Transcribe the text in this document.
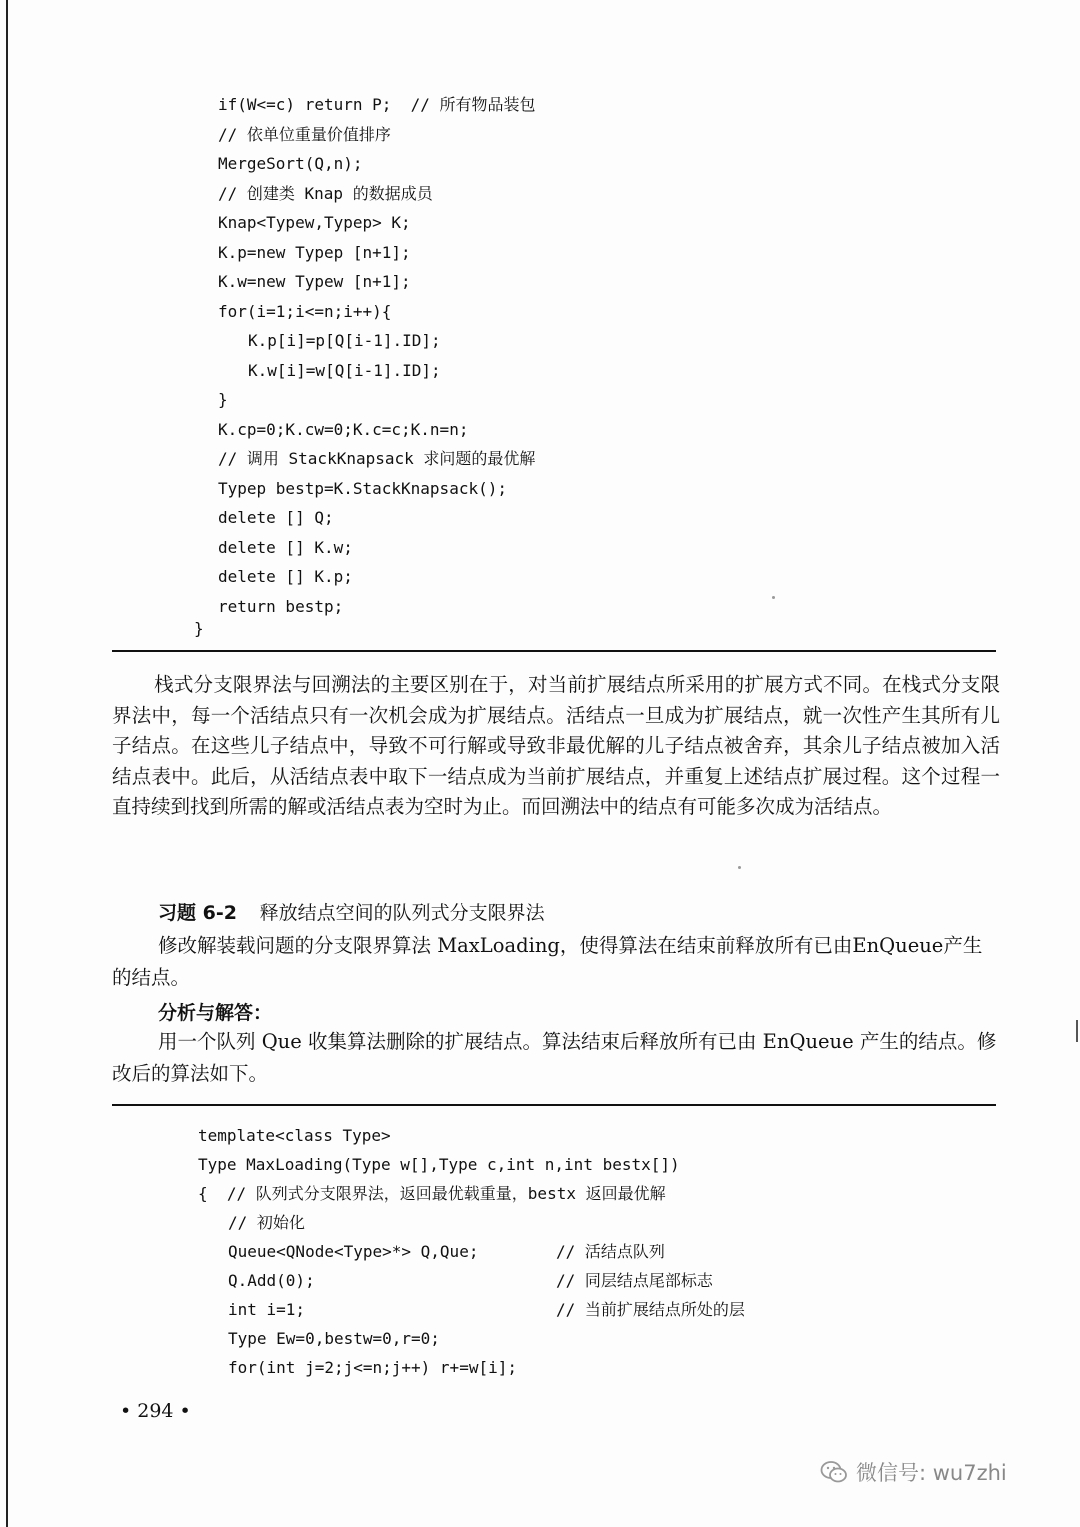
if(W<=c) return P;  // 所有物品装包
// 依单位重量价值排序
MergeSort(Q,n);
// 创建类 Knap 的数据成员
Knap<Typew,Typep> K;
K.p=new Typep [n+1];
K.w=new Typew [n+1];
for(i=1;i<=n;i++){
K.p[i]=p[Q[i-1].ID];
K.w[i]=w[Q[i-1].ID];
}
K.cp=0;K.cw=0;K.c=c;K.n=n;
// 调用 StackKnapsack 求问题的最优解
Typep bestp=K.StackKnapsack();
delete [] Q;
delete [] K.w;
delete [] K.p;
return bestp;
}
栈式分支限界法与回溯法的主要区别在于，对当前扩展结点所采用的扩展方式不同。在栈式分支限界法中，每一个活结点只有一次机会成为扩展结点。活结点一旦成为扩展结点，就一次性产生其所有儿子结点。在这些儿子结点中，导致不可行解或导致非最优解的儿子结点被舍弃，其余儿子结点被加入活结点表中。此后，从活结点表中取下一结点成为当前扩展结点，并重复上述结点扩展过程。这个过程一直持续到找到所需的解或活结点表为空时为止。而回溯法中的结点有可能多次成为活结点。
习题 6-2 释放结点空间的队列式分支限界法
修改解装载问题的分支限界算法 MaxLoading，使得算法在结束前释放所有已由EnQueue产生的结点。
分析与解答：
用一个队列 Que 收集算法删除的扩展结点。算法结束后释放所有已由 EnQueue 产生的结点。修改后的算法如下。
template<class Type>
Type MaxLoading(Type w[],Type c,int n,int bestx[])
{  // 队列式分支限界法，返回最优载重量，bestx 返回最优解
// 初始化
Queue<QNode<Type>*> Q,Que;	// 活结点队列
Q.Add(0);	// 同层结点尾部标志
int i=1;	// 当前扩展结点所处的层
Type Ew=0,bestw=0,r=0;
for(int j=2;j<=n;j++) r+=w[i];
• 294 •
微信号: wu7zhi
